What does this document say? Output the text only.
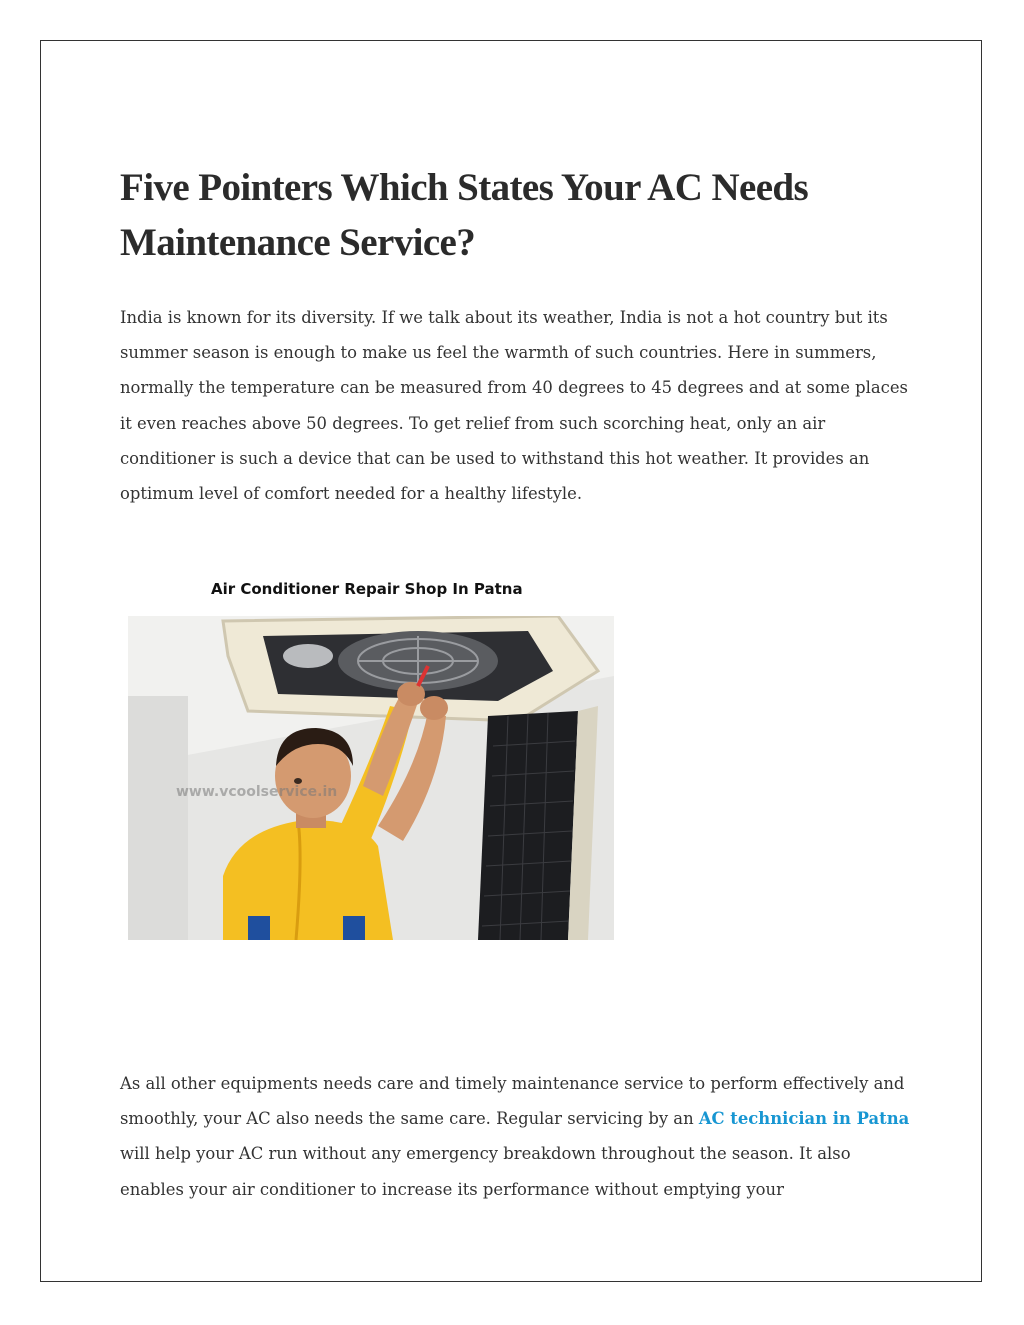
Five Pointers Which States Your AC Needs Maintenance Service?

India is known for its diversity. If we talk about its weather, India is not a hot country but its summer season is enough to make us feel the warmth of such countries. Here in summers, normally the temperature can be measured from 40 degrees to 45 degrees and at some places it even reaches above 50 degrees. To get relief from such scorching heat, only an air conditioner is such a device that can be used to withstand this hot weather. It provides an optimum level of comfort needed for a healthy lifestyle.

Air Conditioner Repair Shop In Patna
www.vcoolservice.in

As all other equipments needs care and timely maintenance service to perform effectively and smoothly, your AC also needs the same care. Regular servicing by an AC technician in Patna will help your AC run without any emergency breakdown throughout the season. It also enables your air conditioner to increase its performance without emptying your
